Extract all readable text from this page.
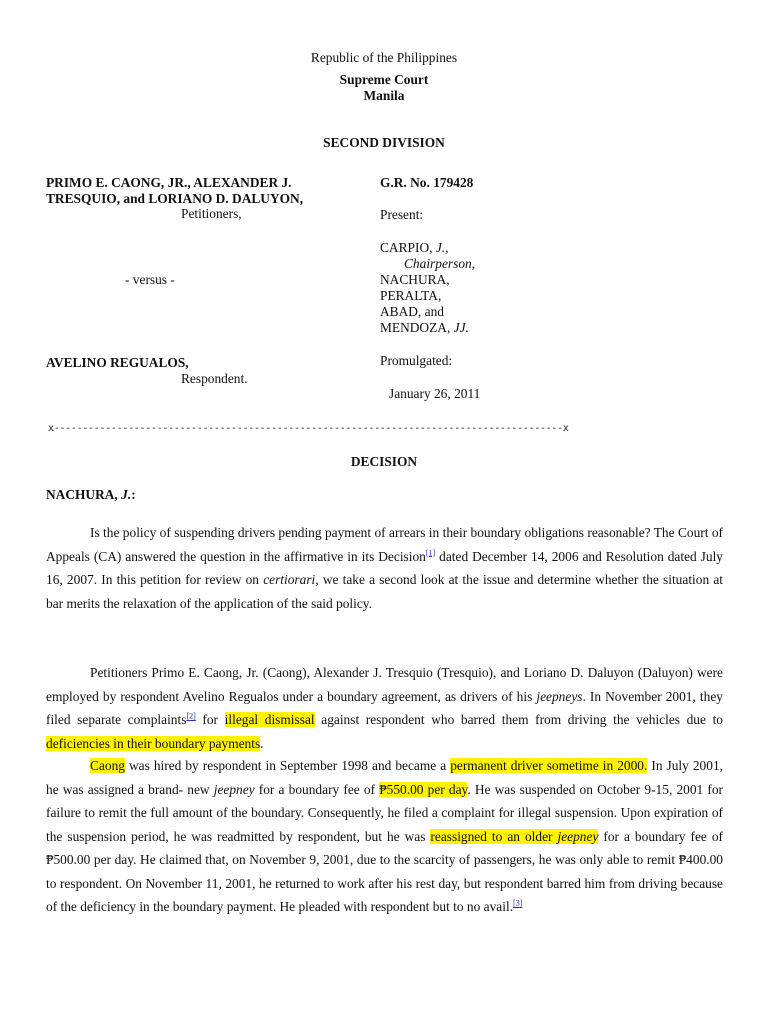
Republic of the Philippines
Supreme Court
Manila
SECOND DIVISION
PRIMO E. CAONG, JR., ALEXANDER J.
TRESQUIO, and LORIANO D. DALUYON,
Petitioners,
- versus -
AVELINO REGUALOS,
Respondent.
G.R. No. 179428
Present:
CARPIO, J.,
Chairperson,
NACHURA,
PERALTA,
ABAD, and
MENDOZA, JJ.
Promulgated:
January 26, 2011
x-----------------------------------------------------------------------------------------x
DECISION
NACHURA, J.:
Is the policy of suspending drivers pending payment of arrears in their boundary obligations reasonable? The Court of Appeals (CA) answered the question in the affirmative in its Decision[1] dated December 14, 2006 and Resolution dated July 16, 2007. In this petition for review on certiorari, we take a second look at the issue and determine whether the situation at bar merits the relaxation of the application of the said policy.
Petitioners Primo E. Caong, Jr. (Caong), Alexander J. Tresquio (Tresquio), and Loriano D. Daluyon (Daluyon) were employed by respondent Avelino Regualos under a boundary agreement, as drivers of his jeepneys. In November 2001, they filed separate complaints[2] for illegal dismissal against respondent who barred them from driving the vehicles due to deficiencies in their boundary payments.
Caong was hired by respondent in September 1998 and became a permanent driver sometime in 2000. In July 2001, he was assigned a brand- new jeepney for a boundary fee of ₱550.00 per day. He was suspended on October 9-15, 2001 for failure to remit the full amount of the boundary. Consequently, he filed a complaint for illegal suspension. Upon expiration of the suspension period, he was readmitted by respondent, but he was reassigned to an older jeepney for a boundary fee of ₱500.00 per day. He claimed that, on November 9, 2001, due to the scarcity of passengers, he was only able to remit ₱400.00 to respondent. On November 11, 2001, he returned to work after his rest day, but respondent barred him from driving because of the deficiency in the boundary payment. He pleaded with respondent but to no avail.[3]
